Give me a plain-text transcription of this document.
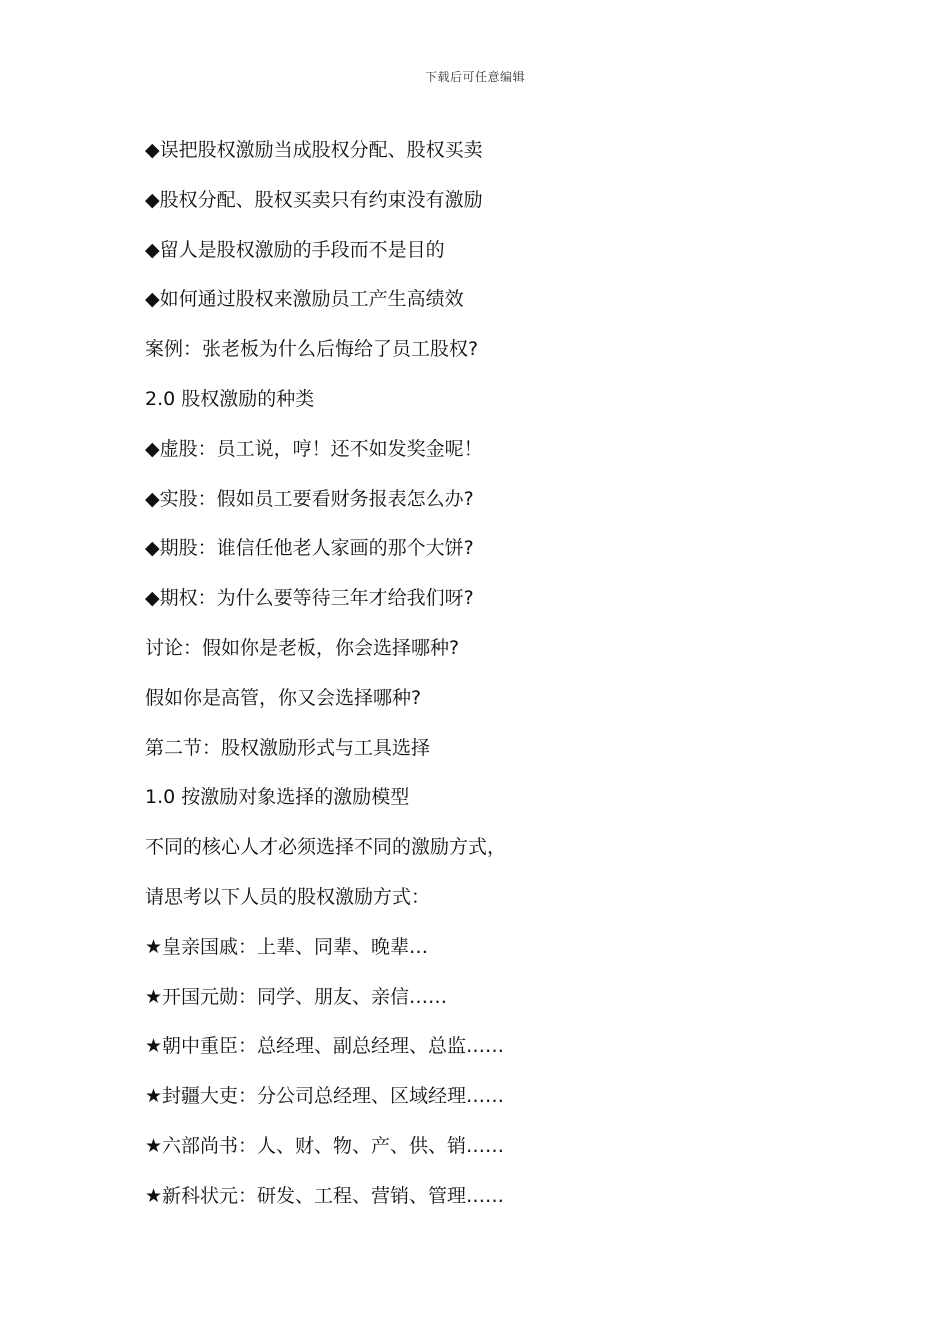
下载后可任意编辑
◆误把股权激励当成股权分配、股权买卖
◆股权分配、股权买卖只有约束没有激励
◆留人是股权激励的手段而不是目的
◆如何通过股权来激励员工产生高绩效
案例：张老板为什么后悔给了员工股权?
2.0 股权激励的种类
◆虚股：员工说，哼！还不如发奖金呢！
◆实股：假如员工要看财务报表怎么办?
◆期股：谁信任他老人家画的那个大饼?
◆期权：为什么要等待三年才给我们呀?
讨论：假如你是老板，你会选择哪种?
假如你是高管，你又会选择哪种?
第二节：股权激励形式与工具选择
1.0 按激励对象选择的激励模型
不同的核心人才必须选择不同的激励方式，
请思考以下人员的股权激励方式：
★皇亲国戚：上辈、同辈、晚辈…
★开国元勋：同学、朋友、亲信……
★朝中重臣：总经理、副总经理、总监……
★封疆大吏：分公司总经理、区域经理……
★六部尚书：人、财、物、产、供、销……
★新科状元：研发、工程、营销、管理……
